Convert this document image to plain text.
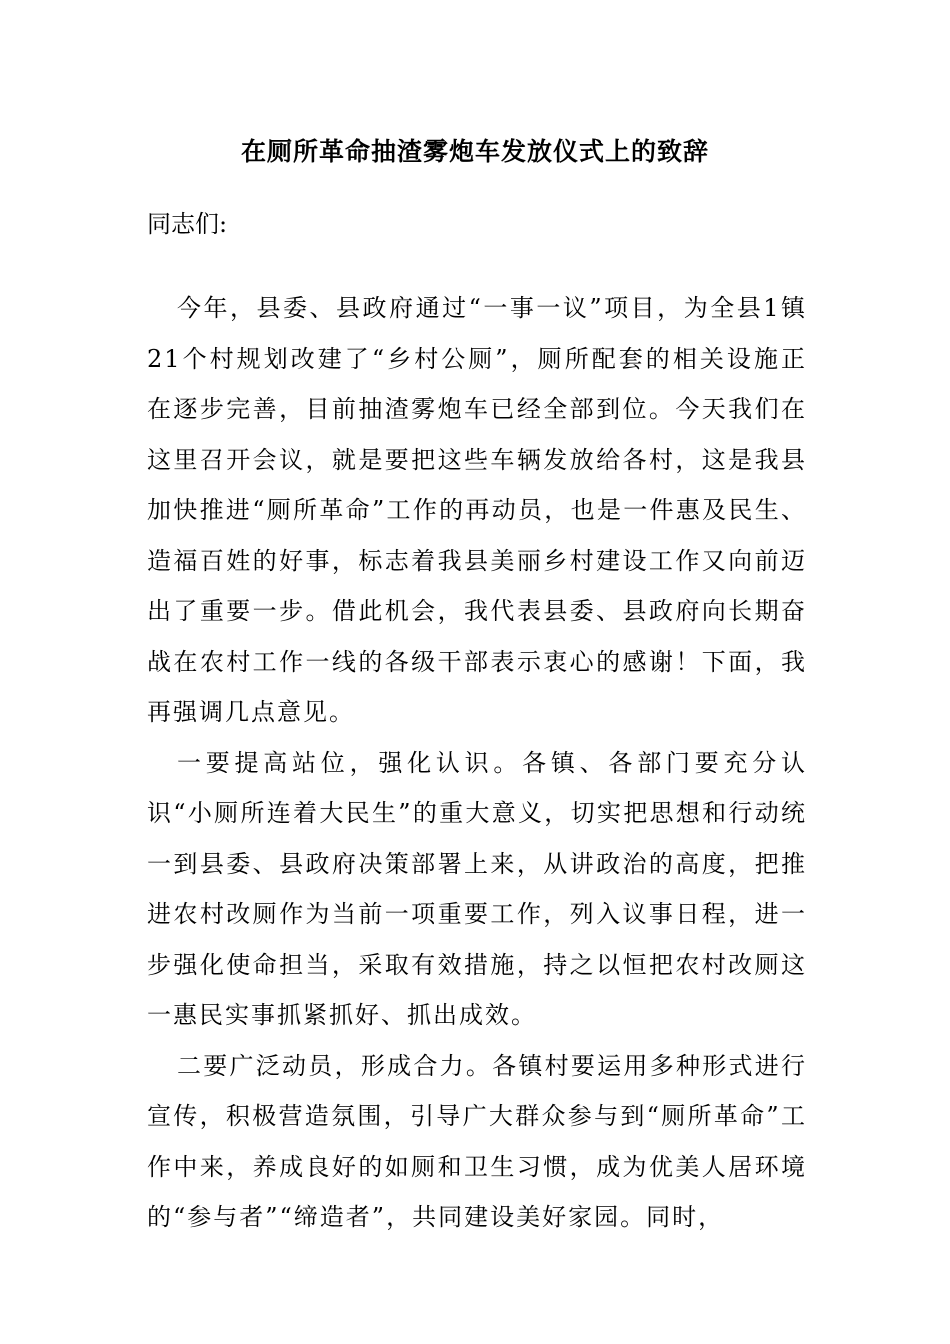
在厕所革命抽渣雾炮车发放仪式上的致辞
同志们:

今年，县委、县政府通过“一事一议”项目，为全县1镇21个村规划改建了“乡村公厕”，厕所配套的相关设施正在逐步完善，目前抽渣雾炮车已经全部到位。今天我们在这里召开会议，就是要把这些车辆发放给各村，这是我县加快推进“厕所革命”工作的再动员，也是一件惠及民生、造福百姓的好事，标志着我县美丽乡村建设工作又向前迈出了重要一步。借此机会，我代表县委、县政府向长期奋战在农村工作一线的各级干部表示衷心的感谢！下面，我再强调几点意见。

一要提高站位，强化认识。各镇、各部门要充分认识“小厕所连着大民生”的重大意义，切实把思想和行动统一到县委、县政府决策部署上来，从讲政治的高度，把推进农村改厕作为当前一项重要工作，列入议事日程，进一步强化使命担当，采取有效措施，持之以恒把农村改厕这一惠民实事抓紧抓好、抓出成效。

二要广泛动员，形成合力。各镇村要运用多种形式进行宣传，积极营造氛围，引导广大群众参与到“厕所革命”工作中来，养成良好的如厕和卫生习惯，成为优美人居环境的“参与者”“缔造者”，共同建设美好家园。同时，
